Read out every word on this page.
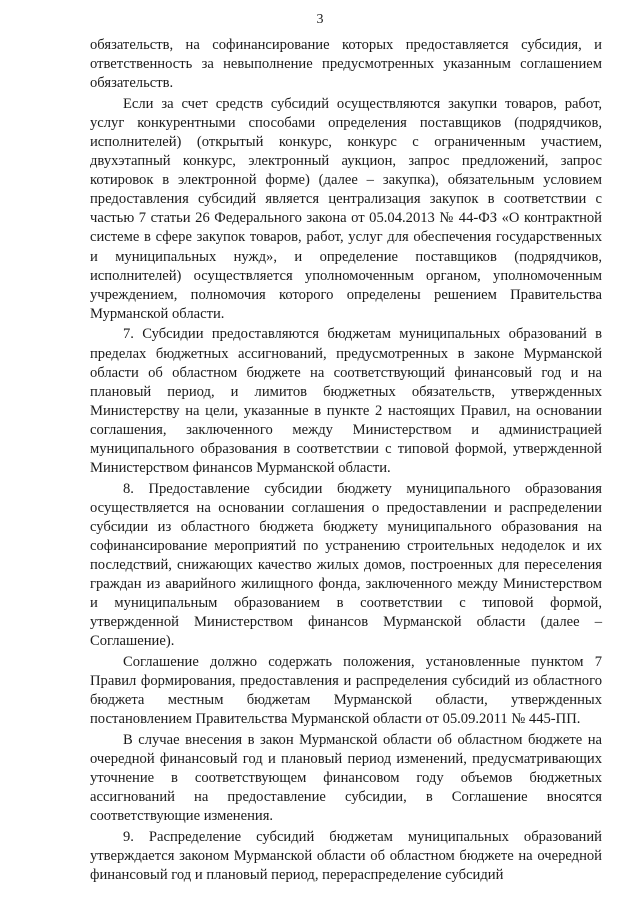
3

обязательств, на софинансирование которых предоставляется субсидия, и ответственность за невыполнение предусмотренных указанным соглашением обязательств.

Если за счет средств субсидий осуществляются закупки товаров, работ, услуг конкурентными способами определения поставщиков (подрядчиков, исполнителей) (открытый конкурс, конкурс с ограниченным участием, двухэтапный конкурс, электронный аукцион, запрос предложений, запрос котировок в электронной форме) (далее – закупка), обязательным условием предоставления субсидий является централизация закупок в соответствии с частью 7 статьи 26 Федерального закона от 05.04.2013 № 44-ФЗ «О контрактной системе в сфере закупок товаров, работ, услуг для обеспечения государственных и муниципальных нужд», и определение поставщиков (подрядчиков, исполнителей) осуществляется уполномоченным органом, уполномоченным учреждением, полномочия которого определены решением Правительства Мурманской области.

7. Субсидии предоставляются бюджетам муниципальных образований в пределах бюджетных ассигнований, предусмотренных в законе Мурманской области об областном бюджете на соответствующий финансовый год и на плановый период, и лимитов бюджетных обязательств, утвержденных Министерству на цели, указанные в пункте 2 настоящих Правил, на основании соглашения, заключенного между Министерством и администрацией муниципального образования в соответствии с типовой формой, утвержденной Министерством финансов Мурманской области.

8. Предоставление субсидии бюджету муниципального образования осуществляется на основании соглашения о предоставлении и распределении субсидии из областного бюджета бюджету муниципального образования на софинансирование мероприятий по устранению строительных недоделок и их последствий, снижающих качество жилых домов, построенных для переселения граждан из аварийного жилищного фонда, заключенного между Министерством и муниципальным образованием в соответствии с типовой формой, утвержденной Министерством финансов Мурманской области (далее – Соглашение).

Соглашение должно содержать положения, установленные пунктом 7 Правил формирования, предоставления и распределения субсидий из областного бюджета местным бюджетам Мурманской области, утвержденных постановлением Правительства Мурманской области от 05.09.2011 № 445-ПП.

В случае внесения в закон Мурманской области об областном бюджете на очередной финансовый год и плановый период изменений, предусматривающих уточнение в соответствующем финансовом году объемов бюджетных ассигнований на предоставление субсидии, в Соглашение вносятся соответствующие изменения.

9. Распределение субсидий бюджетам муниципальных образований утверждается законом Мурманской области об областном бюджете на очередной финансовый год и плановый период, перераспределение субсидий
